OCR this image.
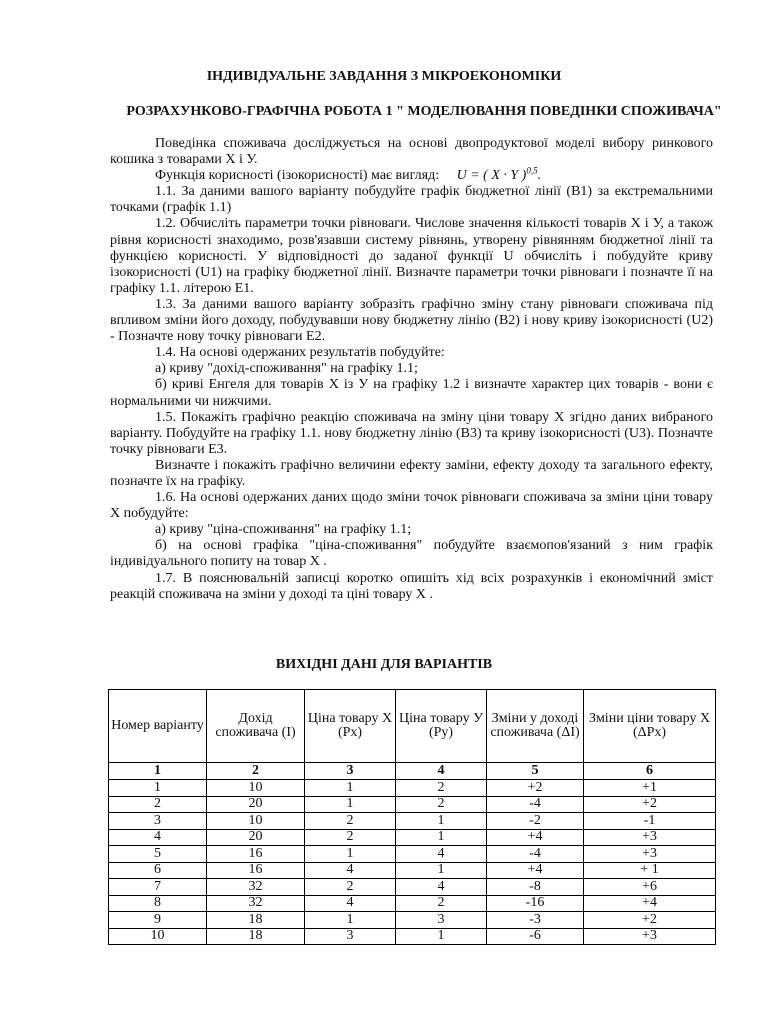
ІНДИВІДУАЛЬНЕ ЗАВДАННЯ З МІКРОЕКОНОМІКИ
РОЗРАХУНКОВО-ГРАФІЧНА РОБОТА 1 " МОДЕЛЮВАННЯ ПОВЕДІНКИ СПОЖИВАЧА"

Поведінка споживача досліджується на основі двопродуктової моделі вибору ринкового кошика з товарами Х і У.

Функція корисності (ізокорисності) має вигляд: U = ( X · Y )$^{0,5}$.

1.1. За даними вашого варіанту побудуйте графік бюджетної лінії (B1) за екстремальними точками (графік 1.1)

1.2. Обчисліть параметри точки рівноваги. Числове значення кількості товарів Х і У, а також рівня корисності знаходимо, розв'язавши систему рівнянь, утворену рівнянням бюджетної лінії та функцією корисності. У відповідності до заданої функції U обчисліть і побудуйте криву ізокорисності (U1) на графіку бюджетної лінії. Визначте параметри точки рівноваги і позначте її на графіку 1.1. літерою E1.

1.3. За даними вашого варіанту зобразіть графічно зміну стану рівноваги споживача під впливом зміни його доходу, побудувавши нову бюджетну лінію (B2) і нову криву ізокорисності (U2) - Позначте нову точку рівноваги E2.

1.4. На основі одержаних результатів побудуйте:

а) криву "дохід-споживання" на графіку 1.1;

б) криві Енгеля для товарів Х із У на графіку 1.2 і визначте характер цих товарів - вони є нормальними чи нижчими.

1.5. Покажіть графічно реакцію споживача на зміну ціни товару Х згідно даних вибраного варіанту. Побудуйте на графіку 1.1. нову бюджетну лінію (B3) та криву ізокорисності (U3). Позначте точку рівноваги E3.

Визначте і покажіть графічно величини ефекту заміни, ефекту доходу та загального ефекту, позначте їх на графіку.

1.6. На основі одержаних даних щодо зміни точок рівноваги споживача за зміни ціни товару Х побудуйте:

а) криву "ціна-споживання" на графіку 1.1;

б) на основі графіка "ціна-споживання" побудуйте взаємопов'язаний з ним графік індивідуального попиту на товар Х .

1.7. В пояснювальній записці коротко опишіть хід всіх розрахунків і економічний зміст реакцій споживача на зміни у доході та ціні товару Х .

ВИХІДНІ ДАНІ ДЛЯ ВАРІАНТІВ
Номер варіанту	Дохід споживача (I)	Ціна товару Х (Px)	Ціна товару У (Py)	Зміни у доході споживача (ΔI)	Зміни ціни товару Х (ΔPx)
1	2	3	4	5	6
1	10	1	2	+2	+1
2	20	1	2	-4	+2
3	10	2	1	-2	-1
4	20	2	1	+4	+3
5	16	1	4	-4	+3
6	16	4	1	+4	+ 1
7	32	2	4	-8	+6
8	32	4	2	-16	+4
9	18	1	3	-3	+2
10	18	3	1	-6	+3
